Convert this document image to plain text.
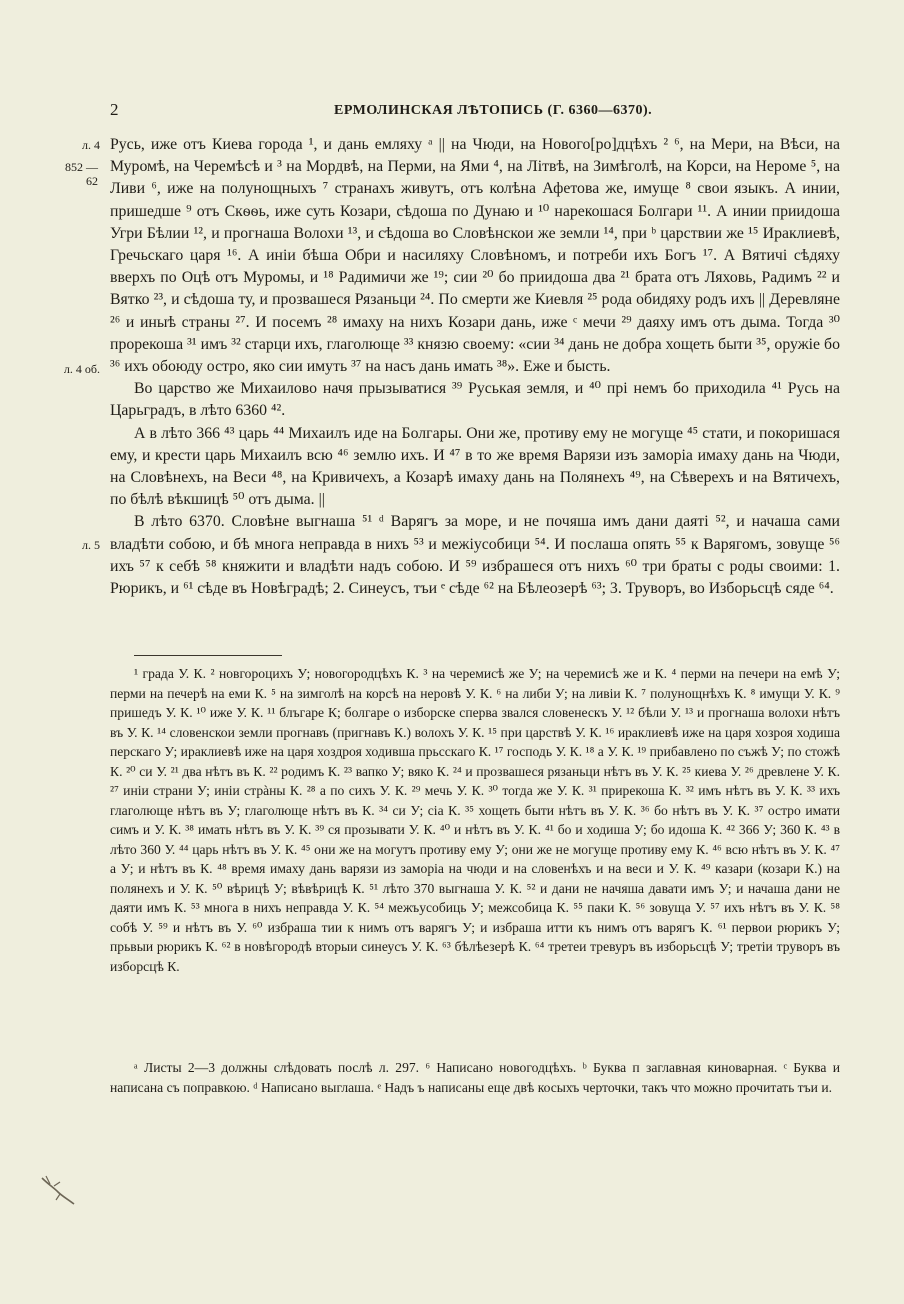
2	ЕРМОЛИНСКАЯ ЛѢТОПИСЬ (Г. 6360—6370).
л. 4
852 —62
л. 4 об.
л. 5

Русь, иже отъ Киева города ¹, и дань емляху ᵃ || на Чюди, на Нового[ро]дцѣхъ ² ⁶, на Мери, на Вѣси, на Муромѣ, на Черемѣсѣ и ³ на Мордвѣ, на Перми, на Ями ⁴, на Літвѣ, на Зимѣголѣ, на Корси, на Нероме ⁵, на Ливи ⁶, иже на полунощныхъ ⁷ странахъ живутъ, отъ колѣна Афетова же, имуще ⁸ свои языкъ. А инии, пришедше ⁹ отъ Скѳѳь, иже суть Козари, сѣдоша по Дунаю и ¹⁰ нарекошася Болгари ¹¹. А инии приидоша Угри Бѣлии ¹², и прогнаша Волохи ¹³, и сѣдоша во Словѣнскои же земли ¹⁴, при ᵇ царствии же ¹⁵ Ираклиевѣ, Гречьскаго царя ¹⁶. А иніи бѣша Обри и насиляху Словѣномъ, и потреби ихъ Богъ ¹⁷. А Вятичі сѣдяху вверхъ по Оцѣ отъ Муромы, и ¹⁸ Радимичи же ¹⁹; сии ²⁰ бо приидоша два ²¹ брата отъ Ляховь, Радимъ ²² и Вятко ²³, и сѣдоша ту, и прозвашеся Рязаньци ²⁴. По смерти же Киевля ²⁵ рода обидяху родъ ихъ || Деревляне ²⁶ и иныѣ страны ²⁷. И посемъ ²⁸ имаху на нихъ Козари дань, иже ᶜ мечи ²⁹ даяху имъ отъ дыма. Тогда ³⁰ прорекоша ³¹ имъ ³² старци ихъ, глаголюще ³³ князю своему: «сии ³⁴ дань не добра хощеть быти ³⁵, оружіе бо ³⁶ ихъ обоюду остро, яко сии имуть ³⁷ на насъ дань имать ³⁸». Еже и бысть.

Во царство же Михаилово начя прызыватися ³⁹ Руськая земля, и ⁴⁰ прі немъ бо приходила ⁴¹ Русь на Царьградъ, в лѣто 6360 ⁴².

А в лѣто 366 ⁴³ царь ⁴⁴ Михаилъ иде на Болгары. Они же, противу ему не могуще ⁴⁵ стати, и покоришася ему, и крести царь Михаилъ всю ⁴⁶ землю ихъ. И ⁴⁷ в то же время Варязи изъ заморіа имаху дань на Чюди, на Словѣнехъ, на Веси ⁴⁸, на Кривичехъ, а Козарѣ имаху дань на Полянехъ ⁴⁹, на Сѣверехъ и на Вятичехъ, по бѣлѣ вѣкшицѣ ⁵⁰ отъ дыма. ||

В лѣто 6370. Словѣне выгнаша ⁵¹ ᵈ Варягъ за море, и не почяша имъ дани даяті ⁵², и начаша сами владѣти собою, и бѣ многа неправда в нихъ ⁵³ и межіусобици ⁵⁴. И послаша опять ⁵⁵ к Варягомъ, зовуще ⁵⁶ ихъ ⁵⁷ к себѣ ⁵⁸ княжити и владѣти надъ собою. И ⁵⁹ избрашеся отъ нихъ ⁶⁰ три браты с роды своими: 1. Рюрикъ, и ⁶¹ сѣде въ Новѣградѣ; 2. Синеусъ, тъи ᵉ сѣде ⁶² на Бѣлеозерѣ ⁶³; 3. Труворъ, во Изборьсцѣ сяде ⁶⁴.

¹ града У. К. ² новгороцихъ У; новогородцѣхъ К. ³ на черемисѣ же У; на черемисѣ же и К. ⁴ перми на печери на емѣ У; перми на печерѣ на еми К. ⁵ на зимголѣ на корсѣ на неровѣ У. К. ⁶ на либи У; на ливіи К. ⁷ полунощнѣхъ К. ⁸ имущи У. К. ⁹ пришедъ У. К. ¹⁰ иже У. К. ¹¹ блъгаре К; болгаре о изборске сперва звался словенескъ У. ¹² бѣли У. ¹³ и прогнаша волохи нѣтъ въ У. К. ¹⁴ словенскои земли прогнавъ (пригнавъ К.) волохъ У. К. ¹⁵ при царствѣ У. К. ¹⁶ ираклиевѣ иже на царя хозроя ходиша перскагo У; ираклиевѣ иже на царя хоздроя ходивша прьсскаго К. ¹⁷ господь У. К. ¹⁸ а У. К. ¹⁹ прибавлено по съжѣ У; по стожѣ К. ²⁰ си У. ²¹ два нѣтъ въ К. ²² родимъ К. ²³ вапко У; вяко К. ²⁴ и прозвашеся рязаньци нѣтъ въ У. К. ²⁵ киева У. ²⁶ древлене У. К. ²⁷ иніи страни У; иніи стрàны К. ²⁸ а по сихъ У. К. ²⁹ мечь У. К. ³⁰ тогда же У. К. ³¹ прирекоша К. ³² имъ нѣтъ въ У. К. ³³ ихъ глаголюще нѣтъ въ У; глаголюще нѣтъ въ К. ³⁴ си У; сіа К. ³⁵ хощеть быти нѣтъ въ У. К. ³⁶ бо нѣтъ въ У. К. ³⁷ остро имати симъ и У. К. ³⁸ имать нѣтъ въ У. К. ³⁹ ся прозывати У. К. ⁴⁰ и нѣтъ въ У. К. ⁴¹ бо и ходиша У; бо идоша К. ⁴² 366 У; 360 К. ⁴³ в лѣто 360 У. ⁴⁴ царь нѣтъ въ У. К. ⁴⁵ они же на могутъ противу ему У; они же не могуще противу ему К. ⁴⁶ всю нѣтъ въ У. К. ⁴⁷ а У; и нѣтъ въ К. ⁴⁸ время имаху дань варязи из заморіа на чюди и на словенѣхъ и на веси и У. К. ⁴⁹ казари (козари К.) на полянехъ и У. К. ⁵⁰ вѣрицѣ У; вѣвѣрицѣ К. ⁵¹ лѣто 370 выгнаша У. К. ⁵² и дани не начяша давати имъ У; и начаша дани не даяти имъ К. ⁵³ многа в нихъ неправда У. К. ⁵⁴ межъусобиць У; межсобица К. ⁵⁵ паки К. ⁵⁶ зовуща У. ⁵⁷ ихъ нѣтъ въ У. К. ⁵⁸ собѣ У. ⁵⁹ и нѣтъ въ У. ⁶⁰ избраша тии к нимъ отъ варягъ У; и избраша итти къ нимъ отъ варягъ К. ⁶¹ первои рюрикъ У; прьвыи рюрикъ К. ⁶² в новѣгородѣ вторыи синеусъ У. К. ⁶³ бѣлѣезерѣ К. ⁶⁴ третеи тревуръ въ изборьсцѣ У; третіи труворъ въ изборсцѣ К.

ᵃ Листы 2—3 должны слѣдовать послѣ л. 297. ⁶ Написано новогодцѣхъ. ᵇ Буква п заглавная киноварная. ᶜ Буква и написана съ поправкою. ᵈ Написано выглаша. ᵉ Надъ ъ написаны еще двѣ косыхъ черточки, такъ что можно прочитать тъи и.
